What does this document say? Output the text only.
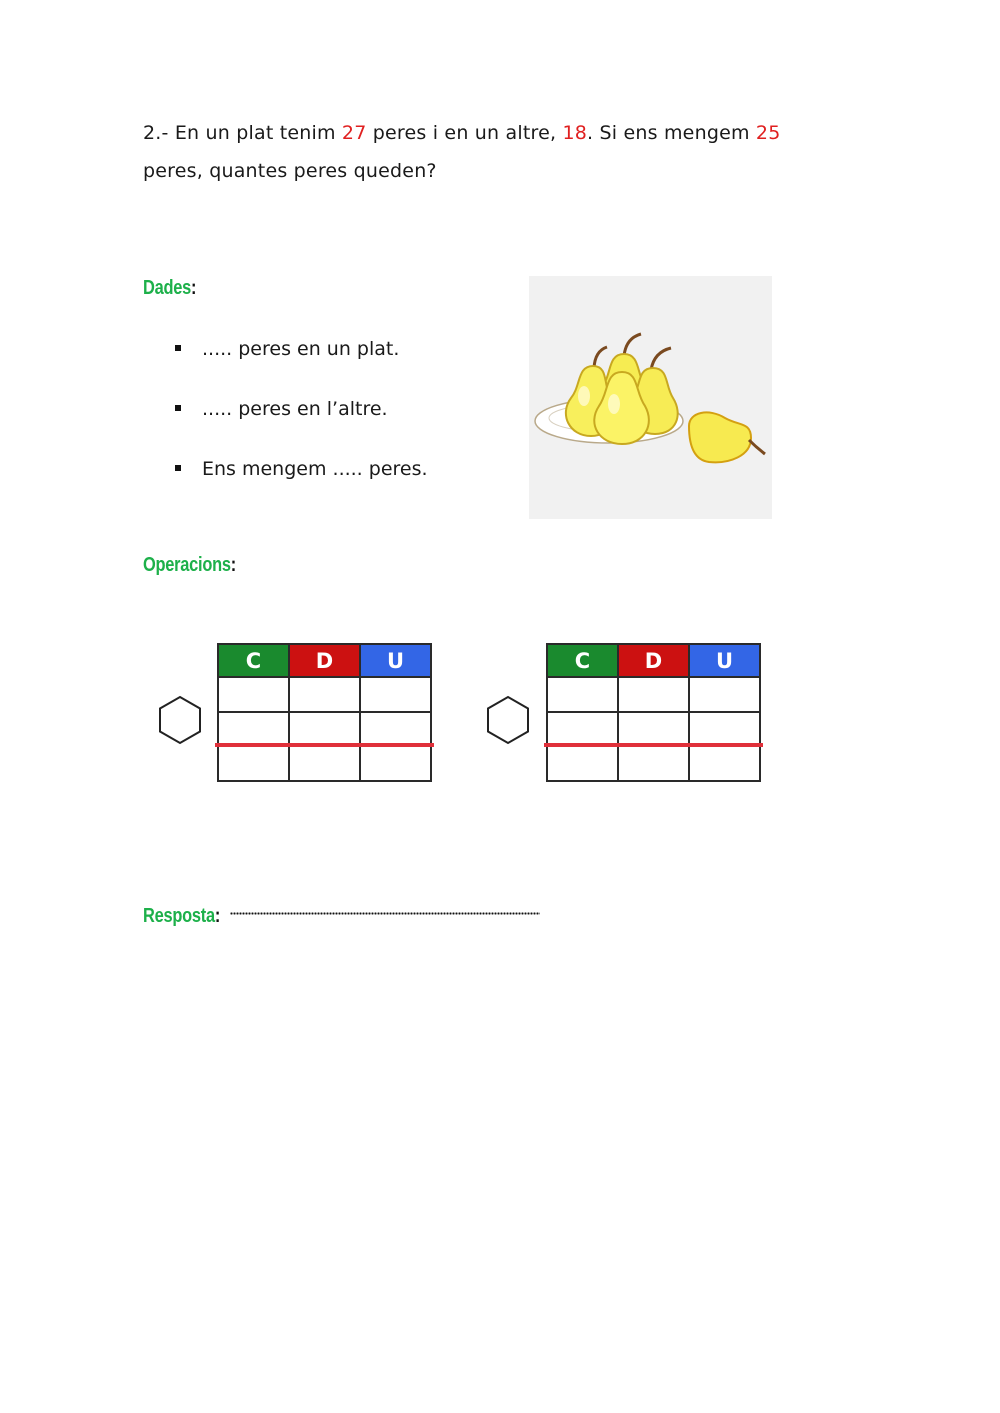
2.- En un plat tenim 27 peres i en un altre, 18. Si ens mengem 25 peres, quantes peres queden?
Dades:
..... peres en un plat.
..... peres en l’altre.
Ens mengem ..... peres.
Operacions:
C	D	U

			C	D	U

Resposta:
